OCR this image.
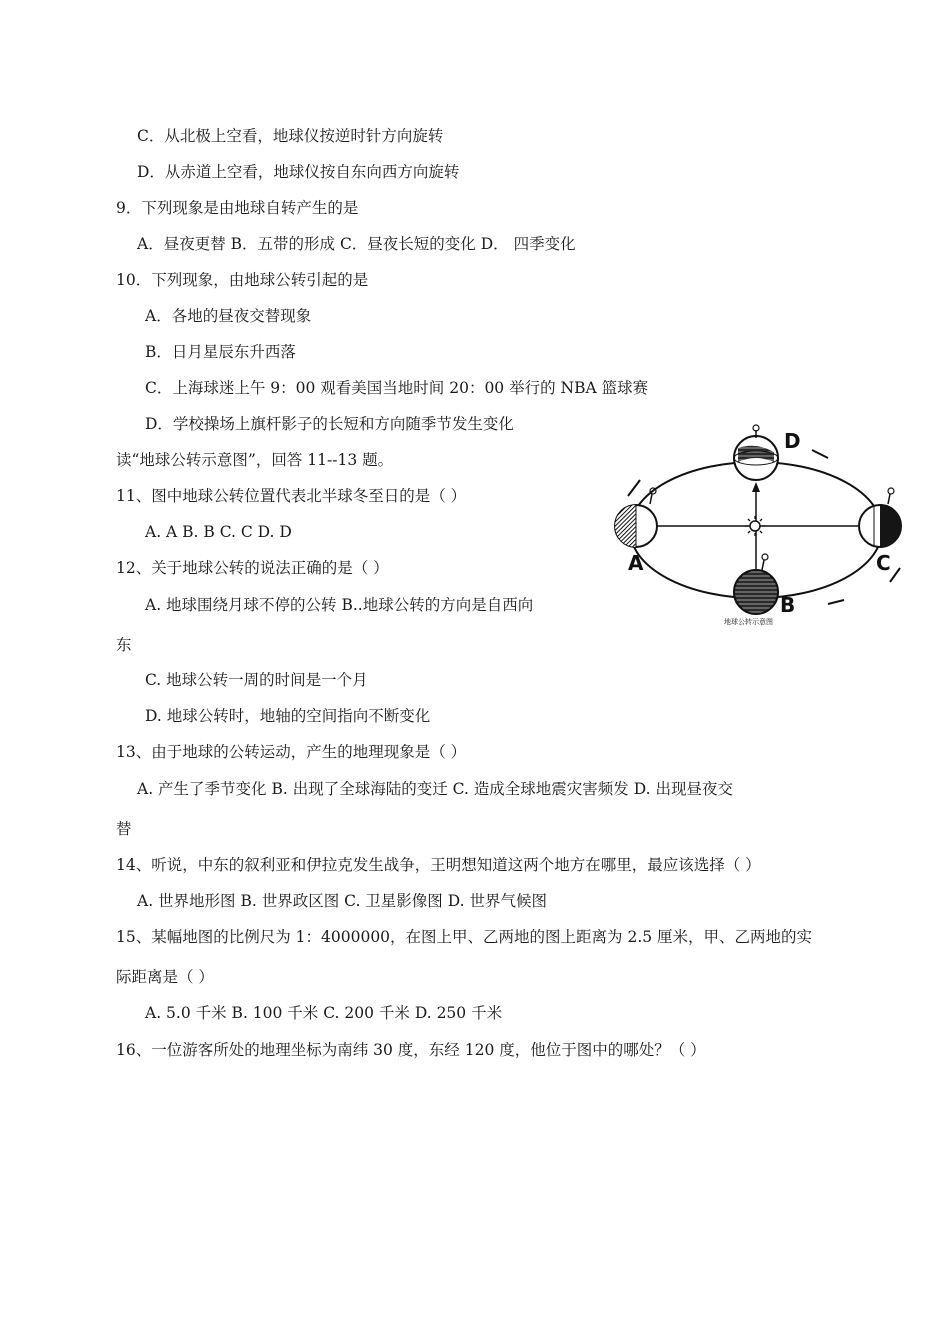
C．从北极上空看，地球仪按逆时针方向旋转
D．从赤道上空看，地球仪按自东向西方向旋转
9．下列现象是由地球自转产生的是
A．昼夜更替 B．五带的形成 C．昼夜长短的变化 D． 四季变化
10．下列现象，由地球公转引起的是
A．各地的昼夜交替现象
B．日月星辰东升西落
C．上海球迷上午 9：00 观看美国当地时间 20：00 举行的 NBA 篮球赛
D．学校操场上旗杆影子的长短和方向随季节发生变化
读“地球公转示意图”，回答 11--13 题。
11、图中地球公转位置代表北半球冬至日的是（ ）
A. A B. B C. C D. D
12、关于地球公转的说法正确的是（ ）
A. 地球围绕月球不停的公转 B..地球公转的方向是自西向
东
C. 地球公转一周的时间是一个月
D. 地球公转时，地轴的空间指向不断变化
13、由于地球的公转运动，产生的地理现象是（ ）
A. 产生了季节变化 B. 出现了全球海陆的变迁 C. 造成全球地震灾害频发 D. 出现昼夜交
替
14、听说，中东的叙利亚和伊拉克发生战争，王明想知道这两个地方在哪里，最应该选择（ ）
A. 世界地形图 B. 世界政区图 C. 卫星影像图 D. 世界气候图
15、某幅地图的比例尺为 1：4000000，在图上甲、乙两地的图上距离为 2.5 厘米，甲、乙两地的实
际距离是（ ）
A. 5.0 千米 B. 100 千米 C. 200 千米 D. 250 千米
16、一位游客所处的地理坐标为南纬 30 度，东经 120 度，他位于图中的哪处？（ ）
D
A	C
B
地球公转示意图
